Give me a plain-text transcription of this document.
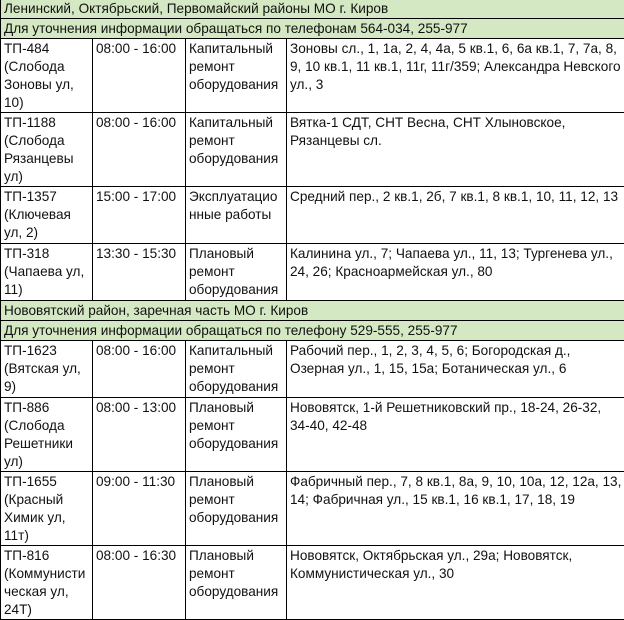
Ленинский, Октябрьский, Первомайский районы МО г. Киров			
Для уточнения информации обращаться по телефонам 564-034, 255-977			
ТП-484 (Слобода Зоновы ул, 10)	08:00 - 16:00	Капитальный ремонт оборудования	Зоновы сл., 1, 1а, 2, 4, 4а, 5 кв.1, 6, 6а кв.1, 7, 7а, 8, 9, 10 кв.1, 11 кв.1, 11г, 11г/359; Александра Невского ул., 3
ТП-1188 (Слобода Рязанцевы ул)	08:00 - 16:00	Капитальный ремонт оборудования	Вятка-1 СДТ, СНТ Весна, СНТ Хлыновское, Рязанцевы сл.
ТП-1357 (Ключевая ул, 2)	15:00 - 17:00	Эксплуатационные работы	Средний пер., 2 кв.1, 2б, 7 кв.1, 8 кв.1, 10, 11, 12, 13
ТП-318 (Чапаева ул, 11)	13:30 - 15:30	Плановый ремонт оборудования	Калинина ул., 7; Чапаева ул., 11, 13; Тургенева ул., 24, 26; Красноармейская ул., 80
Нововятский район, заречная часть МО г. Киров			
Для уточнения информации обращаться по телефону 529-555, 255-977			
ТП-1623 (Вятская ул, 9)	08:00 - 16:00	Капитальный ремонт оборудования	Рабочий пер., 1, 2, 3, 4, 5, 6; Богородская д., Озерная ул., 1, 15, 15а; Ботаническая ул., 6
ТП-886 (Слобода Решетники ул)	08:00 - 13:00	Плановый ремонт оборудования	Нововятск, 1-й Решетниковский пр., 18-24, 26-32, 34-40, 42-48
ТП-1655 (Красный Химик ул, 11т)	09:00 - 11:30	Плановый ремонт оборудования	Фабричный пер., 7, 8 кв.1, 8а, 9, 10, 10а, 12, 12а, 13, 14; Фабричная ул., 15 кв.1, 16 кв.1, 17, 18, 19
ТП-816 (Коммунистическая ул, 24Т)	08:00 - 16:30	Плановый ремонт оборудования	Нововятск, Октябрьская ул., 29а; Нововятск, Коммунистическая ул., 30
